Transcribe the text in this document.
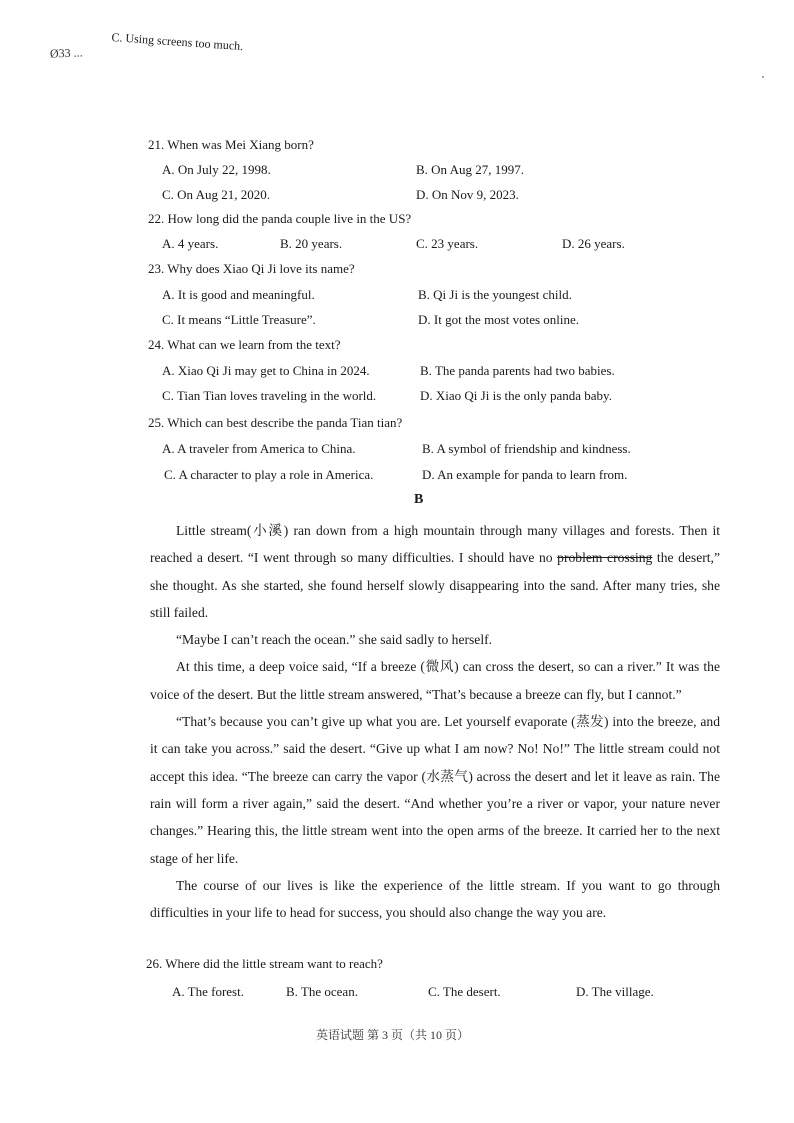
C. Using screens too much.
Ø33 ...
21. When was Mei Xiang born?
A. On July 22, 1998.	B. On Aug 27, 1997.
C. On Aug 21, 2020.	D. On Nov 9, 2023.
22. How long did the panda couple live in the US?
A. 4 years.	B. 20 years.	C. 23 years.	D. 26 years.
23. Why does Xiao Qi Ji love its name?
A. It is good and meaningful.	B. Qi Ji is the youngest child.
C. It means “Little Treasure”.	D. It got the most votes online.
24. What can we learn from the text?
A. Xiao Qi Ji may get to China in 2024.	B. The panda parents had two babies.
C. Tian Tian loves traveling in the world.	D. Xiao Qi Ji is the only panda baby.
25. Which can best describe the panda Tian tian?
A. A traveler from America to China.	B. A symbol of friendship and kindness.
C. A character to play a role in America.	D. An example for panda to learn from.
B

Little stream(小溪) ran down from a high mountain through many villages and forests. Then it reached a desert. “I went through so many difficulties. I should have no problem crossing the desert,” she thought. As she started, she found herself slowly disappearing into the sand. After many tries, she still failed.

“Maybe I can’t reach the ocean.” she said sadly to herself.

At this time, a deep voice said, “If a breeze (微风) can cross the desert, so can a river.” It was the voice of the desert. But the little stream answered, “That’s because a breeze can fly, but I cannot.”

“That’s because you can’t give up what you are. Let yourself evaporate (蒸发) into the breeze, and it can take you across.” said the desert. “Give up what I am now? No! No!” The little stream could not accept this idea. “The breeze can carry the vapor (水蒸气) across the desert and let it leave as rain. The rain will form a river again,” said the desert. “And whether you’re a river or vapor, your nature never changes.” Hearing this, the little stream went into the open arms of the breeze. It carried her to the next stage of her life.

The course of our lives is like the experience of the little stream. If you want to go through difficulties in your life to head for success, you should also change the way you are.

26. Where did the little stream want to reach?
A. The forest.	B. The ocean.	C. The desert.	D. The village.
英语试题 第 3 页（共 10 页）
